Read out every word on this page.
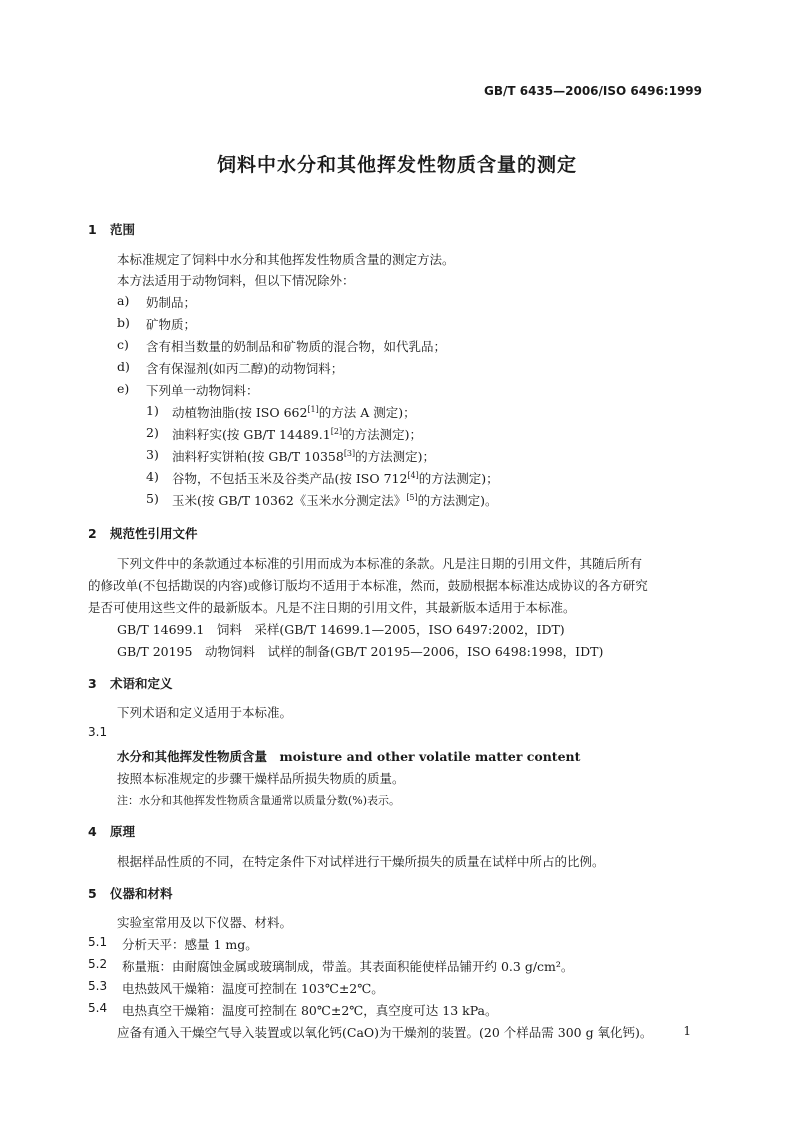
GB/T 6435—2006/ISO 6496:1999
饲料中水分和其他挥发性物质含量的测定
1 范围
本标准规定了饲料中水分和其他挥发性物质含量的测定方法。
本方法适用于动物饲料，但以下情况除外：
a) 奶制品；
b) 矿物质；
c) 含有相当数量的奶制品和矿物质的混合物，如代乳品；
d) 含有保湿剂(如丙二醇)的动物饲料；
e) 下列单一动物饲料：
1) 动植物油脂(按 ISO 662[1]的方法 A 测定)；
2) 油料籽实(按 GB/T 14489.1[2]的方法测定)；
3) 油料籽实饼粕(按 GB/T 10358[3]的方法测定)；
4) 谷物，不包括玉米及谷类产品(按 ISO 712[4]的方法测定)；
5) 玉米(按 GB/T 10362《玉米水分测定法》[5]的方法测定)。
2 规范性引用文件
下列文件中的条款通过本标准的引用而成为本标准的条款。凡是注日期的引用文件，其随后所有
的修改单(不包括勘误的内容)或修订版均不适用于本标准，然而，鼓励根据本标准达成协议的各方研究
是否可使用这些文件的最新版本。凡是不注日期的引用文件，其最新版本适用于本标准。
GB/T 14699.1　饲料　采样(GB/T 14699.1—2005，ISO 6497:2002，IDT)
GB/T 20195　动物饲料　试样的制备(GB/T 20195—2006，ISO 6498:1998，IDT)
3 术语和定义
下列术语和定义适用于本标准。
3.1
水分和其他挥发性物质含量　moisture and other volatile matter content
按照本标准规定的步骤干燥样品所损失物质的质量。
注：水分和其他挥发性物质含量通常以质量分数(%)表示。
4 原理
根据样品性质的不同，在特定条件下对试样进行干燥所损失的质量在试样中所占的比例。
5 仪器和材料
实验室常用及以下仪器、材料。
5.1 分析天平：感量 1 mg。
5.2 称量瓶：由耐腐蚀金属或玻璃制成，带盖。其表面积能使样品铺开约 0.3 g/cm²。
5.3 电热鼓风干燥箱：温度可控制在 103℃±2℃。
5.4 电热真空干燥箱：温度可控制在 80℃±2℃，真空度可达 13 kPa。
应备有通入干燥空气导入装置或以氧化钙(CaO)为干燥剂的装置。(20 个样品需 300 g 氧化钙)。	1
